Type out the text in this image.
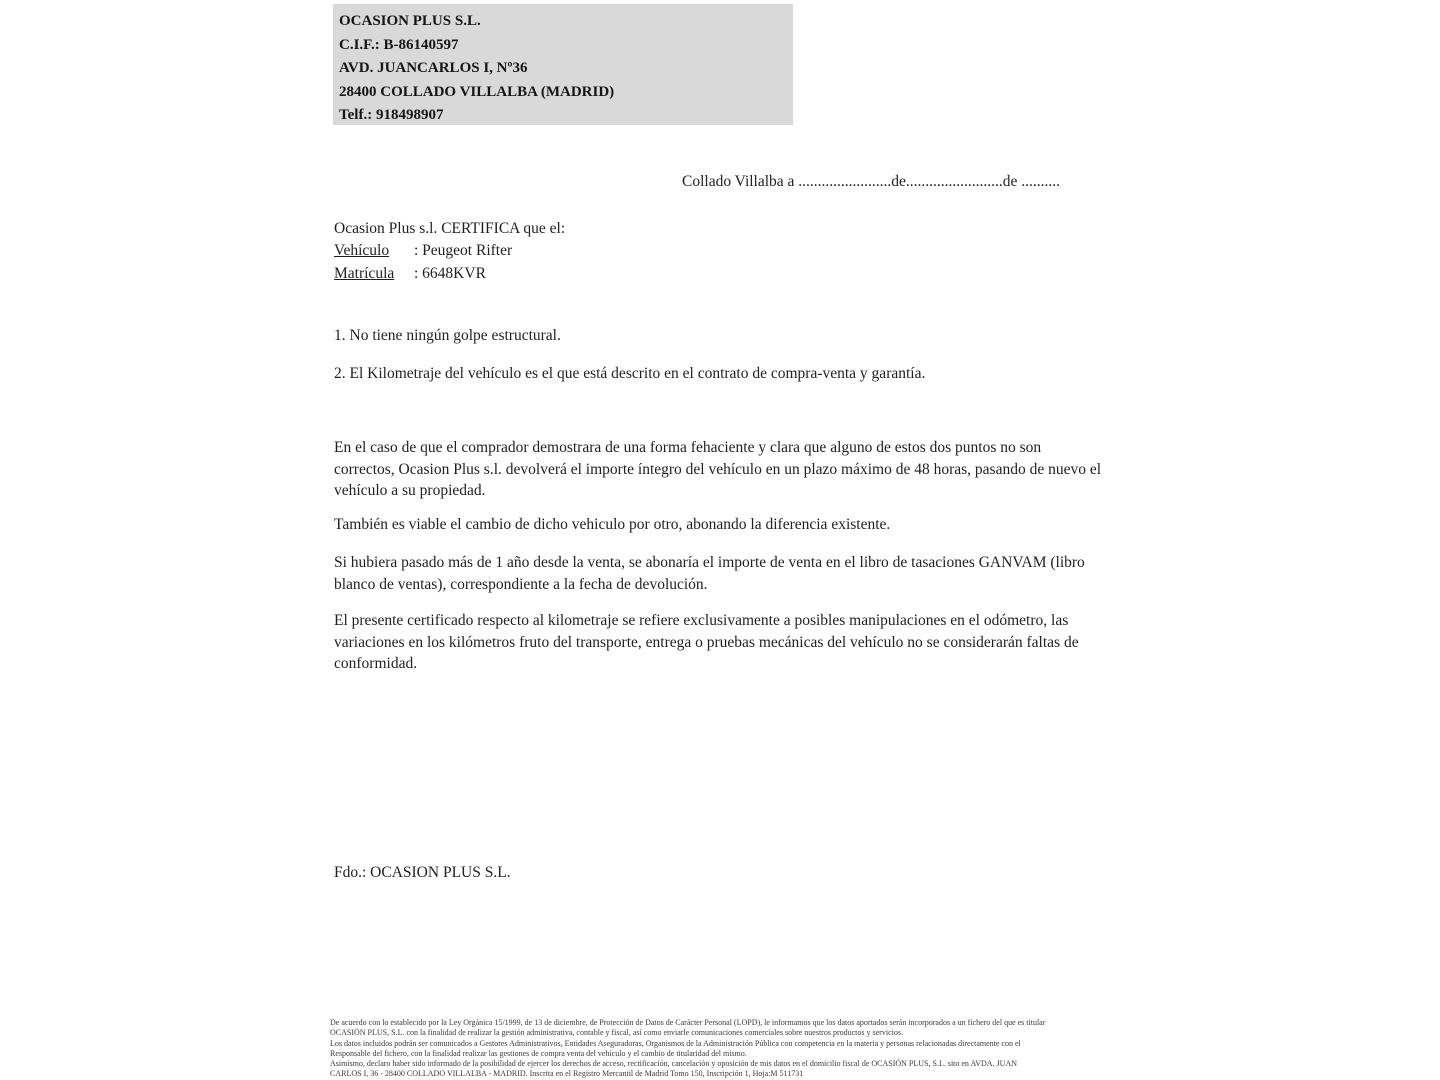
OCASION PLUS S.L.
C.I.F.: B-86140597
AVD. JUANCARLOS I, Nº36
28400 COLLADO VILLALBA (MADRID)
Telf.: 918498907
Collado Villalba a ........................de.........................de ..........
Ocasion Plus s.l. CERTIFICA que el:
Vehículo : Peugeot Rifter
Matrícula : 6648KVR
1. No tiene ningún golpe estructural.
2. El Kilometraje del vehículo es el que está descrito en el contrato de compra-venta y garantía.
En el caso de que el comprador demostrara de una forma fehaciente y clara que alguno de estos dos puntos no son correctos, Ocasion Plus s.l. devolverá el importe íntegro del vehículo en un plazo máximo de 48 horas, pasando de nuevo el vehículo a su propiedad.
También es viable el cambio de dicho vehiculo por otro, abonando la diferencia existente.
Si hubiera pasado más de 1 año desde la venta, se abonaría el importe de venta en el libro de tasaciones GANVAM (libro blanco de ventas), correspondiente a la fecha de devolución.
El presente certificado respecto al kilometraje se refiere exclusivamente a posibles manipulaciones en el odómetro, las variaciones en los kilómetros fruto del transporte, entrega o pruebas mecánicas del vehículo no se considerarán faltas de conformidad.
Fdo.: OCASION PLUS S.L.
De acuerdo con lo establecido por la Ley Orgánica 15/1999, de 13 de diciembre, de Protección de Datos de Carácter Personal (LOPD), le informamos que los datos aportados serán incorporados a un fichero del que es titular
OCASIÓN PLUS, S.L. con la finalidad de realizar la gestión administrativa, contable y fiscal, así como enviarle comunicaciones comerciales sobre nuestros productos y servicios.
Los datos incluidos podrán ser comunicados a Gestores Administrativos, Entidades Aseguradoras, Organismos de la Administración Pública con competencia en la materia y personas relacionadas directamente con el
Responsable del fichero, con la finalidad realizar las gestiones de compra venta del vehículo y el cambio de titularidad del mismo.
Asimismo, declaro haber sido informado de la posibilidad de ejercer los derechos de acceso, rectificación, cancelación y oposición de mis datos en el domicilio fiscal de OCASIÓN PLUS, S.L. sito en AVDA. JUAN
CARLOS I, 36 - 28400 COLLADO VILLALBA - MADRID. Inscrita en el Registro Mercantil de Madrid Tomo 150, Inscripción 1, Hoja:M 511731
